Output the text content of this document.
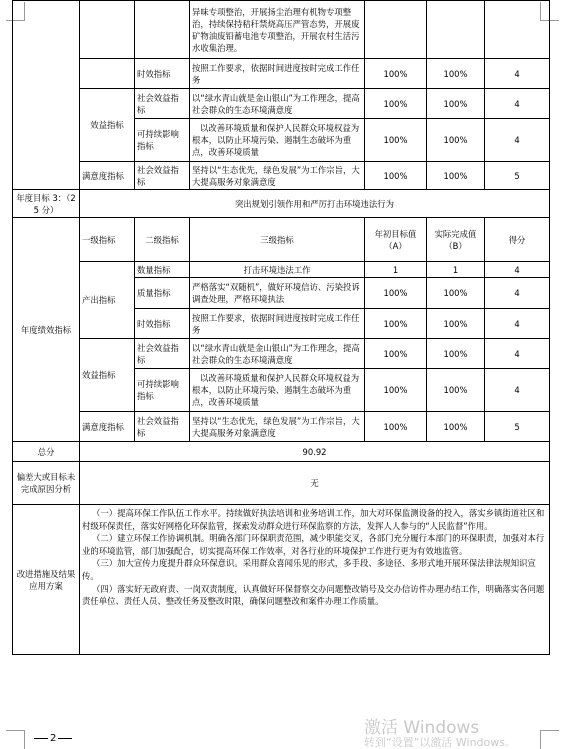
			异味专项整治，开展扬尘治理有机物专项整治，持续保持秸秆禁烧高压严管态势，开展废矿物油废铅蓄电池专项整治，开展农村生活污水收集治理。			
		时效指标	按照工作要求，依据时间进度按时完成工作任务	100%	100%	4
	效益指标	社会效益指标	以“绿水青山就是金山银山”为工作理念，提高社会群众的生态环境满意度	100%	100%	4
		可持续影响指标	以改善环境质量和保护人民群众环境权益为根本，以防止环境污染、遏制生态破坏为重点，改善环境质量	100%	100%	4
	满意度指标	社会效益指标	坚持以“生态优先，绿色发展”为工作宗旨，大大提高服务对象满意度	100%	100%	5
年度目标 3：（25 分）	突出规划引领作用和严厉打击环境违法行为					
年度绩效指标	一级指标	二级指标	三级指标	年初目标值（A）	实际完成值（B）	得分
	产出指标	数量指标	打击环境违法工作	1	1	4
		质量指标	严格落实“双随机”，做好环境信访、污染投诉调查处理，严格环境执法	100%	100%	4
		时效指标	按照工作要求，依据时间进度按时完成工作任务	100%	100%	4
	效益指标	社会效益指标	以“绿水青山就是金山银山”为工作理念，提高社会群众的生态环境满意度	100%	100%	4
		可持续影响指标	以改善环境质量和保护人民群众环境权益为根本，以防止环境污染、遏制生态破坏为重点，改善环境质量	100%	100%	4
	满意度指标	社会效益指标	坚持以“生态优先，绿色发展”为工作宗旨，大大提高服务对象满意度	100%	100%	5
总分	90.92					
偏差大或目标未完成原因分析	无					
改进措施及结果应用方案	（一）提高环保工作队伍工作水平。持续做好执法培训和业务培训工作，加大对环保监测设备的投入，落实乡镇街道社区和村级环保责任，落实好网格化环保监管，探索发动群众进行环保监察的方法，发挥人人参与的“人民监督”作用。

（二）建立环保工作协调机制。明确各部门环保职责范围，减少职能交叉，各部门充分履行本部门的环保职责，加强对本行业的环境监管，部门加强配合，切实提高环保工作效率，对各行业的环境保护工作进行更为有效地监管。

（三）加大宣传力度提升群众环保意识。采用群众喜闻乐见的形式，多手段、多途径、多形式地开展环保法律法规知识宣传。

（四）落实好无政府责、一岗双责制度，认真做好环保督察交办问题整改销号及交办信访件办理办结工作，明确落实各问题责任单位、责任人员、整改任务及整改时限，确保问题整改和案件办理工作质量。					

2
激活 Windows
转到“设置”以激活 Windows。
